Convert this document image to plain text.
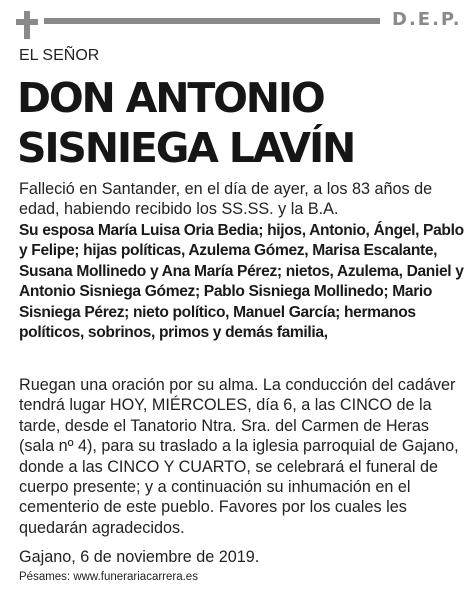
D.E.P.
EL SEÑOR
DON ANTONIO
SISNIEGA LAVÍN

Falleció en Santander, en el día de ayer, a los 83 años de edad, habiendo recibido los SS.SS. y la B.A.

Su esposa María Luisa Oria Bedia; hijos, Antonio, Ángel, Pablo y Felipe; hijas políticas, Azulema Gómez, Marisa Escalante, Susana Mollinedo y Ana María Pérez; nietos, Azulema, Daniel y Antonio Sisniega Gómez; Pablo Sisniega Mollinedo; Mario Sisniega Pérez; nieto político, Manuel García; hermanos políticos, sobrinos, primos y demás familia,

Ruegan una oración por su alma. La conducción del cadáver tendrá lugar HOY, MIÉRCOLES, día 6, a las CINCO de la tarde, desde el Tanatorio Ntra. Sra. del Carmen de Heras (sala nº 4), para su traslado a la iglesia parroquial de Gajano, donde a las CINCO Y CUARTO, se celebrará el funeral de cuerpo presente; y a continuación su inhumación en el cementerio de este pueblo. Favores por los cuales les quedarán agradecidos.

Gajano, 6 de noviembre de 2019.
Pésames: www.funerariacarrera.es
